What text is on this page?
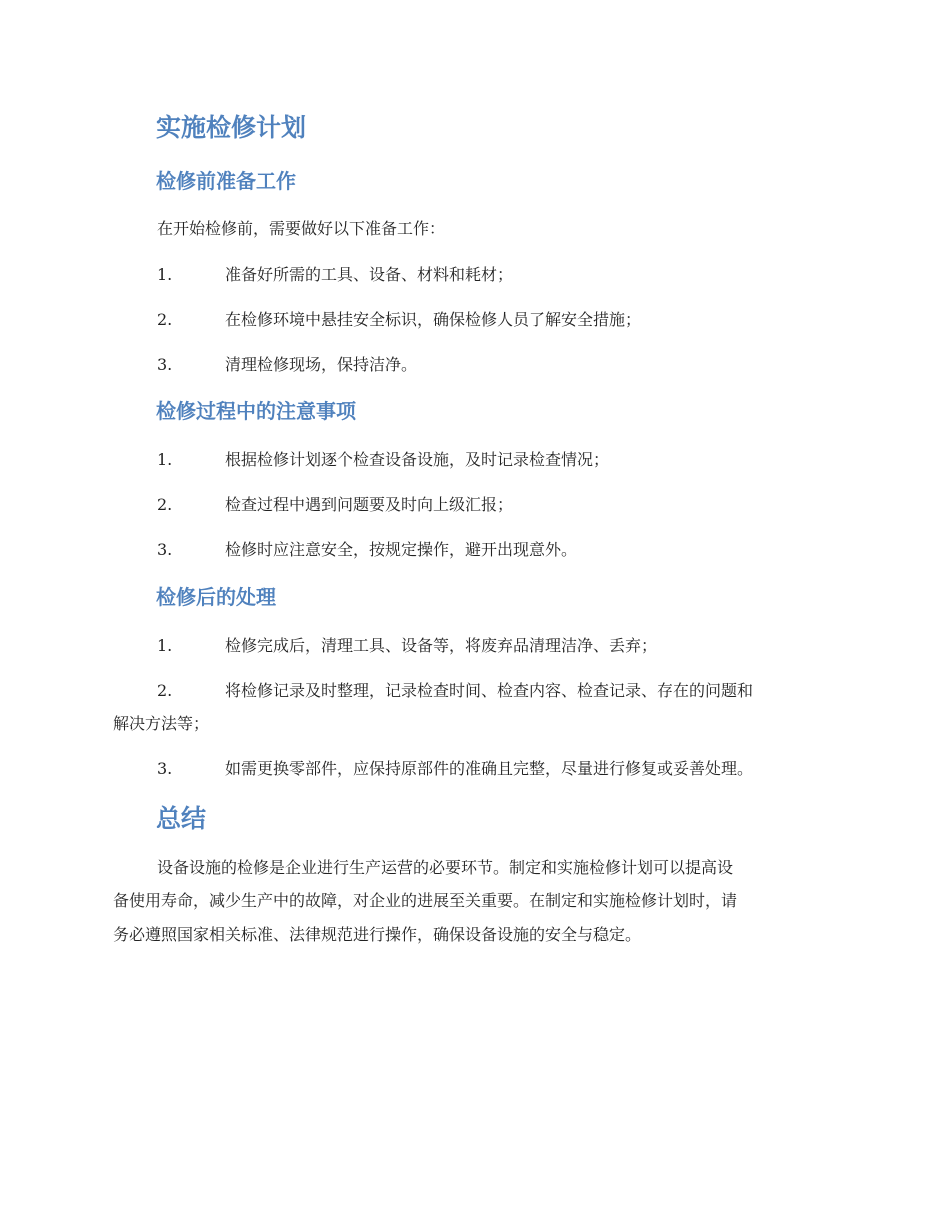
实施检修计划
检修前准备工作
在开始检修前，需要做好以下准备工作：
1.	准备好所需的工具、设备、材料和耗材；
2.	在检修环境中悬挂安全标识，确保检修人员了解安全措施；
3.	清理检修现场，保持洁净。
检修过程中的注意事项
1.	根据检修计划逐个检查设备设施，及时记录检查情况；
2.	检查过程中遇到问题要及时向上级汇报；
3.	检修时应注意安全，按规定操作，避开出现意外。
检修后的处理
1.	检修完成后，清理工具、设备等，将废弃品清理洁净、丢弃；
2.	将检修记录及时整理，记录检查时间、检查内容、检查记录、存在的问题和
解决方法等；
3.	如需更换零部件，应保持原部件的准确且完整，尽量进行修复或妥善处理。
总结
设备设施的检修是企业进行生产运营的必要环节。制定和实施检修计划可以提高设
备使用寿命，减少生产中的故障，对企业的进展至关重要。在制定和实施检修计划时，请
务必遵照国家相关标准、法律规范进行操作，确保设备设施的安全与稳定。
